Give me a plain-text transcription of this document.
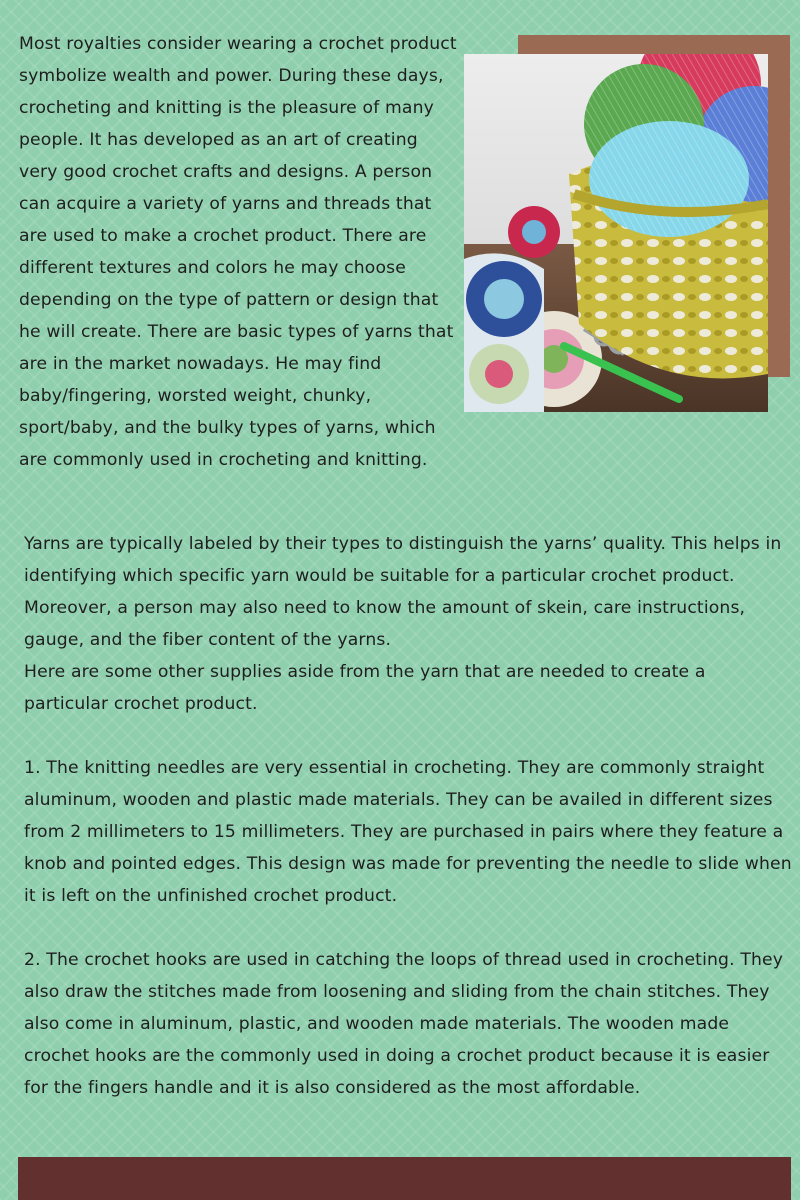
Most royalties consider wearing a crochet product symbolize wealth and power. During these days, crocheting and knitting is the pleasure of many people. It has developed as an art of creating very good crochet crafts and designs. A person can acquire a variety of yarns and threads that are used to make a crochet product. There are different textures and colors he may choose depending on the type of pattern or design that he will create. There are basic types of yarns that are in the market nowadays. He may find baby/fingering, worsted weight, chunky, sport/baby, and the bulky types of yarns, which are commonly used in crocheting and knitting.

Yarns are typically labeled by their types to distinguish the yarns’ quality. This helps in identifying which specific yarn would be suitable for a particular crochet product. Moreover, a person may also need to know the amount of skein, care instructions, gauge, and the fiber content of the yarns.

Here are some other supplies aside from the yarn that are needed to create a particular crochet product.

1. The knitting needles are very essential in crocheting. They are commonly straight aluminum, wooden and plastic made materials. They can be availed in different sizes from 2 millimeters to 15 millimeters. They are purchased in pairs where they feature a knob and pointed edges. This design was made for preventing the needle to slide when it is left on the unfinished crochet product.

2. The crochet hooks are used in catching the loops of thread used in crocheting. They also draw the stitches made from loosening and sliding from the chain stitches. They also come in aluminum, plastic, and wooden made materials. The wooden made crochet hooks are the commonly used in doing a crochet product because it is easier for the fingers handle and it is also considered as the most affordable.
